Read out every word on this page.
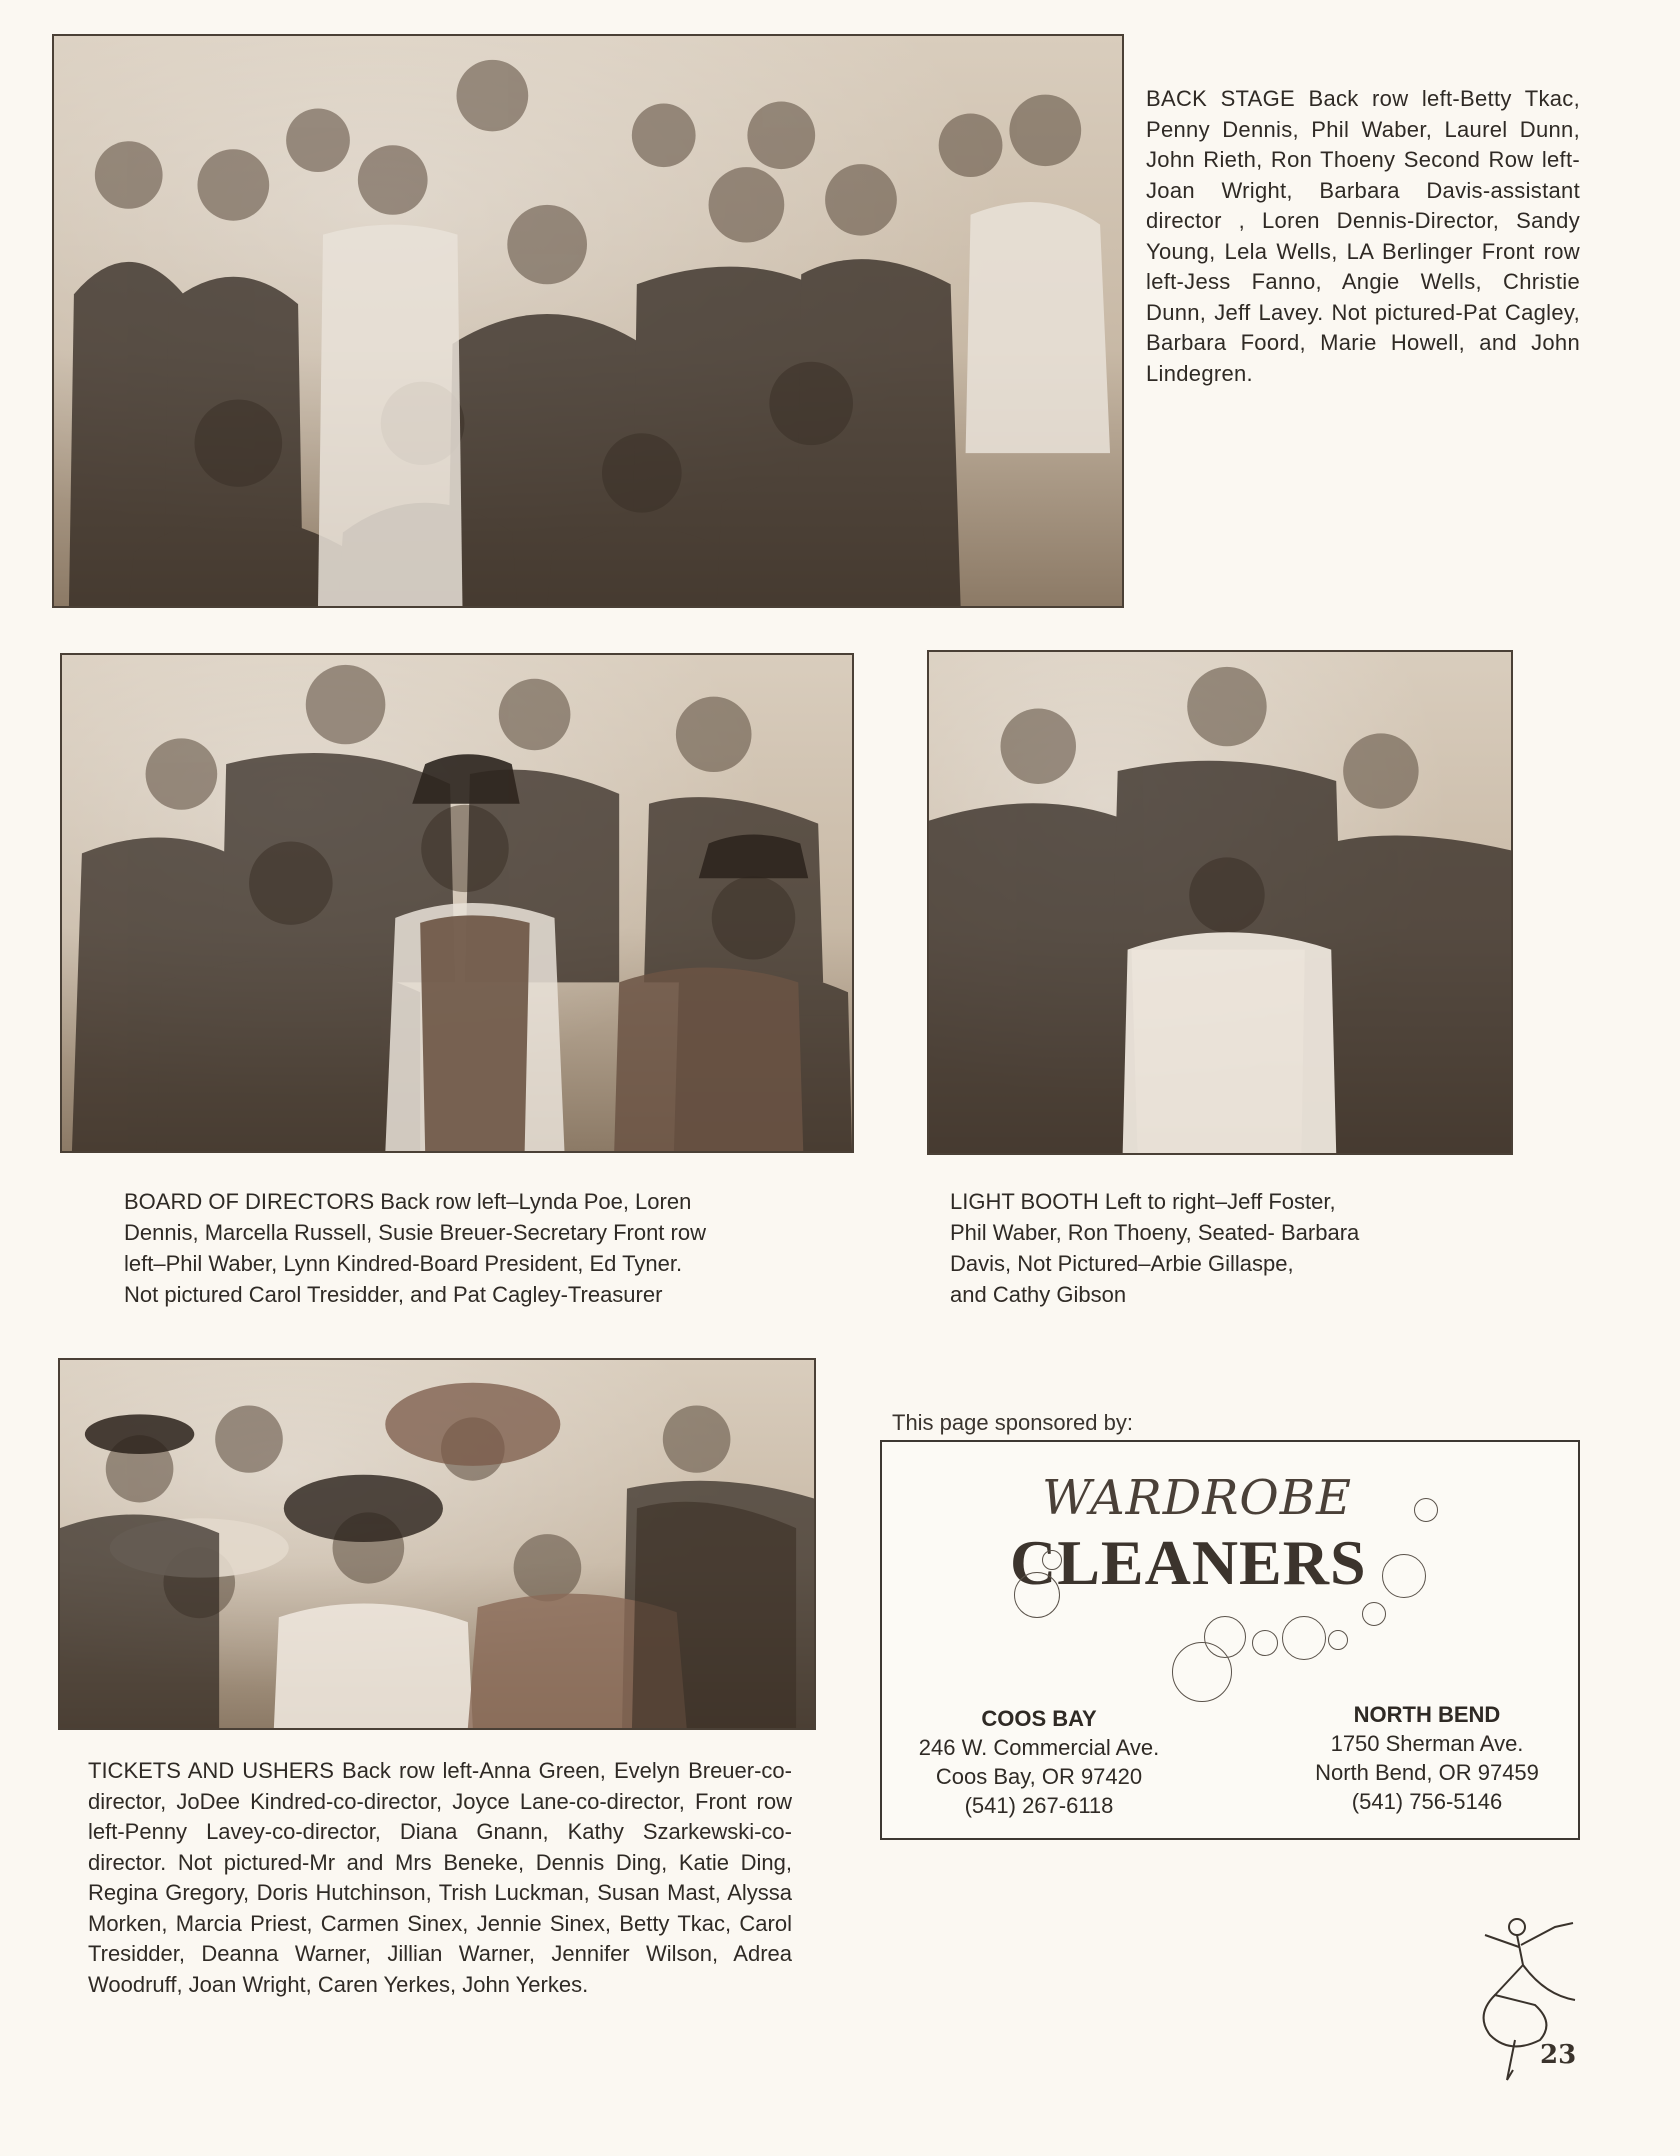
BACK STAGE Back row left-Betty Tkac, Penny Dennis, Phil Waber, Laurel Dunn, John Rieth, Ron Thoeny Second Row left-Joan Wright, Barbara Davis-assistant director , Loren Dennis-Director, Sandy Young, Lela Wells, LA Berlinger Front row left-Jess Fanno, Angie Wells, Christie Dunn, Jeff Lavey. Not pictured-Pat Cagley, Barbara Foord, Marie Howell, and John Lindegren.
BOARD OF DIRECTORS Back row left–Lynda Poe, Loren
Dennis, Marcella Russell, Susie Breuer-Secretary Front row
left–Phil Waber, Lynn Kindred-Board President, Ed Tyner.
Not pictured Carol Tresidder, and Pat Cagley-Treasurer
LIGHT BOOTH Left to right–Jeff Foster,
Phil Waber, Ron Thoeny, Seated- Barbara
Davis, Not Pictured–Arbie Gillaspe,
and Cathy Gibson
TICKETS AND USHERS Back row left-Anna Green, Evelyn Breuer-co-director, JoDee Kindred-co-director, Joyce Lane-co-director, Front row left-Penny Lavey-co-director, Diana Gnann, Kathy Szarkewski-co-director. Not pictured-Mr and Mrs Beneke, Dennis Ding, Katie Ding, Regina Gregory, Doris Hutchinson, Trish Luckman, Susan Mast, Alyssa Morken, Marcia Priest, Carmen Sinex, Jennie Sinex, Betty Tkac, Carol Tresidder, Deanna Warner, Jillian Warner, Jennifer Wilson, Adrea Woodruff, Joan Wright, Caren Yerkes, John Yerkes.
This page sponsored by:
WARDROBE
CLEANERS
COOS BAY
246 W. Commercial Ave.
Coos Bay, OR 97420
(541) 267-6118
NORTH BEND
1750 Sherman Ave.
North Bend, OR 97459
(541) 756-5146
23
